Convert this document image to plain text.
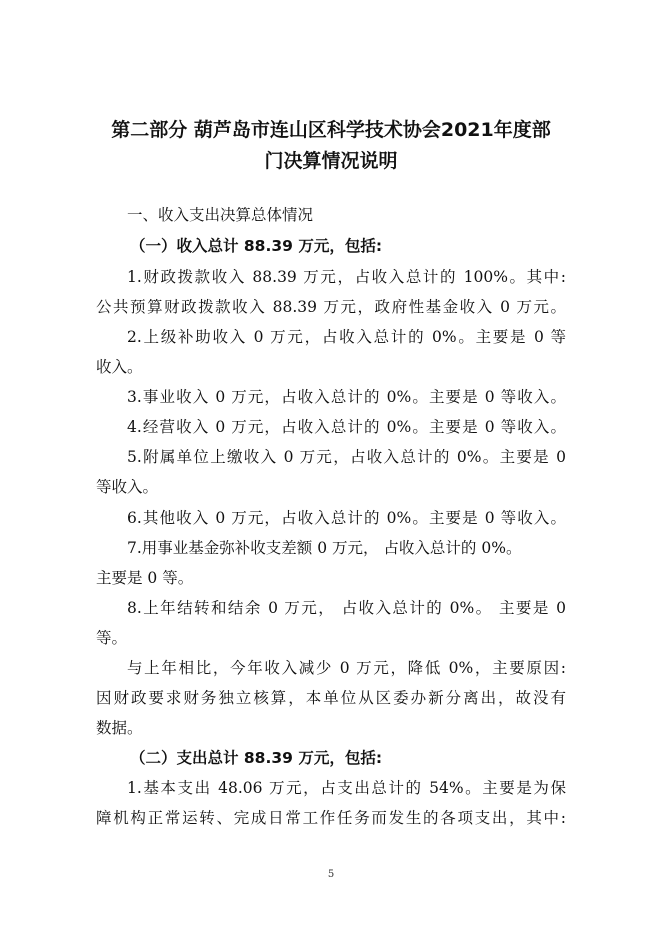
第二部分 葫芦岛市连山区科学技术协会2021年度部
门决算情况说明
一、收入支出决算总体情况
（一）收入总计 88.39 万元，包括:
1.财政拨款收入 88.39 万元，占收入总计的 100%。其中:
公共预算财政拨款收入 88.39 万元，政府性基金收入 0 万元。
2.上级补助收入 0 万元，占收入总计的 0%。主要是 0 等
收入。
3.事业收入 0 万元，占收入总计的 0%。主要是 0 等收入。
4.经营收入 0 万元，占收入总计的 0%。主要是 0 等收入。
5.附属单位上缴收入 0 万元，占收入总计的 0%。主要是 0
等收入。
6.其他收入 0 万元，占收入总计的 0%。主要是 0 等收入。
7.用事业基金弥补收支差额 0 万元， 占收入总计的 0%。
主要是 0 等。
8.上年结转和结余 0 万元， 占收入总计的 0%。 主要是 0
等。
与上年相比，今年收入减少 0 万元，降低 0%，主要原因:
因财政要求财务独立核算，本单位从区委办新分离出，故没有
数据。
（二）支出总计 88.39 万元，包括:
1.基本支出 48.06 万元，占支出总计的 54%。主要是为保
障机构正常运转、完成日常工作任务而发生的各项支出，其中:
5
